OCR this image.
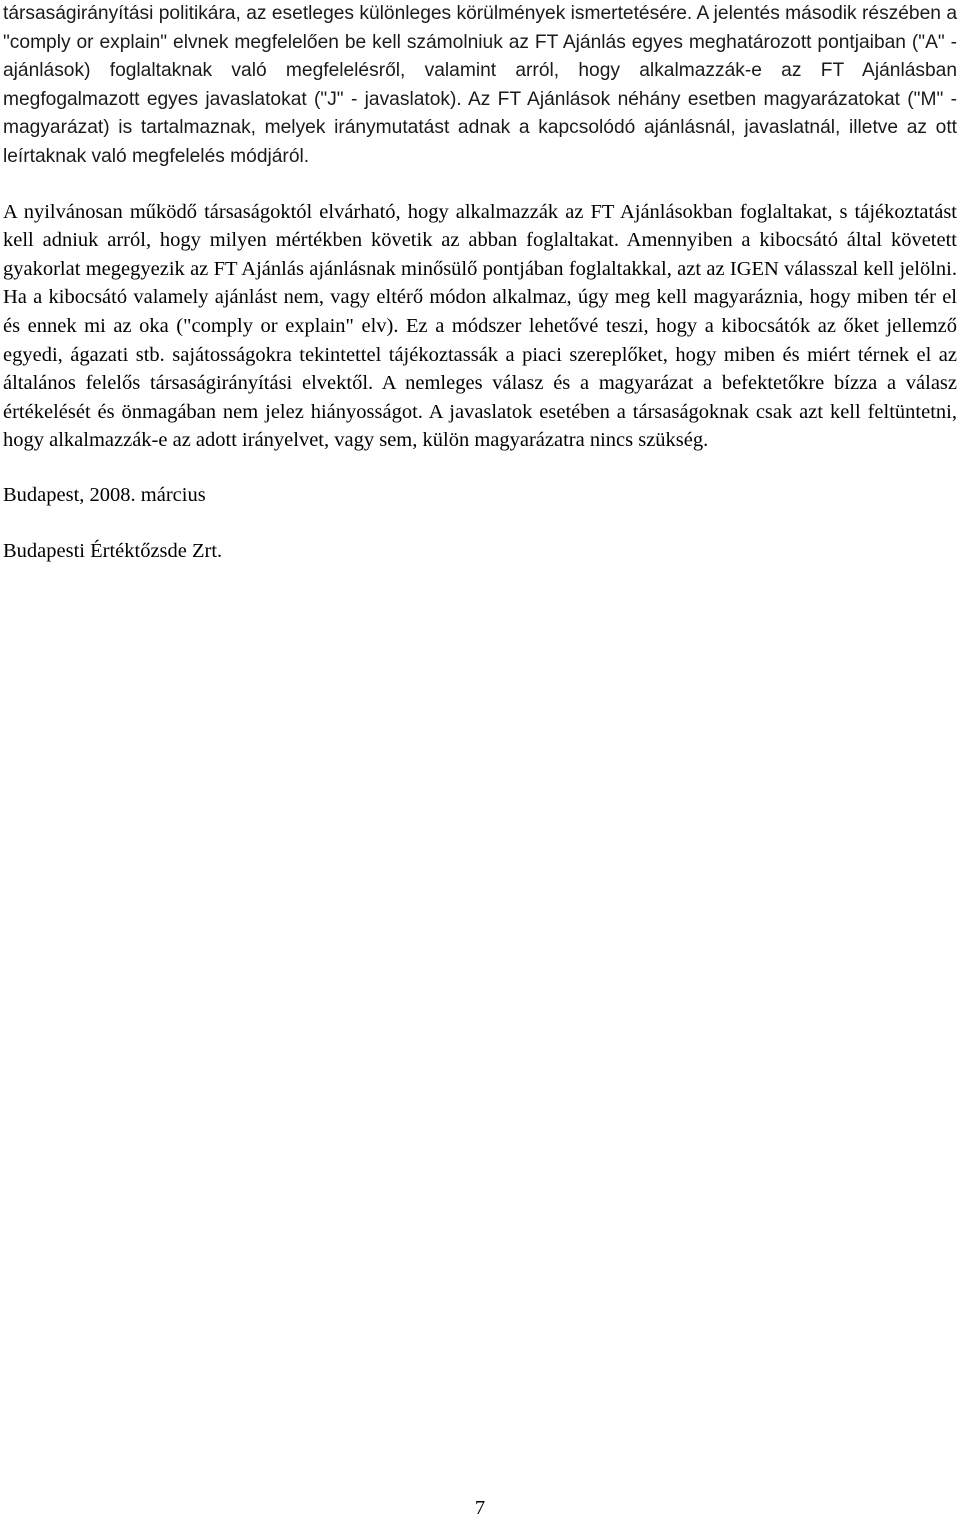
társaságirányítási politikára, az esetleges különleges körülmények ismertetésére. A jelentés második részében a "comply or explain" elvnek megfelelően be kell számolniuk az FT Ajánlás egyes meghatározott pontjaiban ("A" - ajánlások) foglaltaknak való megfelelésről, valamint arról, hogy alkalmazzák-e az FT Ajánlásban megfogalmazott egyes javaslatokat ("J" - javaslatok). Az FT Ajánlások néhány esetben magyarázatokat ("M" - magyarázat) is tartalmaznak, melyek iránymutatást adnak a kapcsolódó ajánlásnál, javaslatnál, illetve az ott leírtaknak való megfelelés módjáról.

A nyilvánosan működő társaságoktól elvárható, hogy alkalmazzák az FT Ajánlásokban foglaltakat, s tájékoztatást kell adniuk arról, hogy milyen mértékben követik az abban foglaltakat. Amennyiben a kibocsátó által követett gyakorlat megegyezik az FT Ajánlás ajánlásnak minősülő pontjában foglaltakkal, azt az IGEN válasszal kell jelölni. Ha a kibocsátó valamely ajánlást nem, vagy eltérő módon alkalmaz, úgy meg kell magyaráznia, hogy miben tér el és ennek mi az oka ("comply or explain" elv). Ez a módszer lehetővé teszi, hogy a kibocsátók az őket jellemző egyedi, ágazati stb. sajátosságokra tekintettel tájékoztassák a piaci szereplőket, hogy miben és miért térnek el az általános felelős társaságirányítási elvektől. A nemleges válasz és a magyarázat a befektetőkre bízza a válasz értékelését és önmagában nem jelez hiányosságot. A javaslatok esetében a társaságoknak csak azt kell feltüntetni, hogy alkalmazzák-e az adott irányelvet, vagy sem, külön magyarázatra nincs szükség.

Budapest, 2008. március

Budapesti Értéktőzsde Zrt.

7
